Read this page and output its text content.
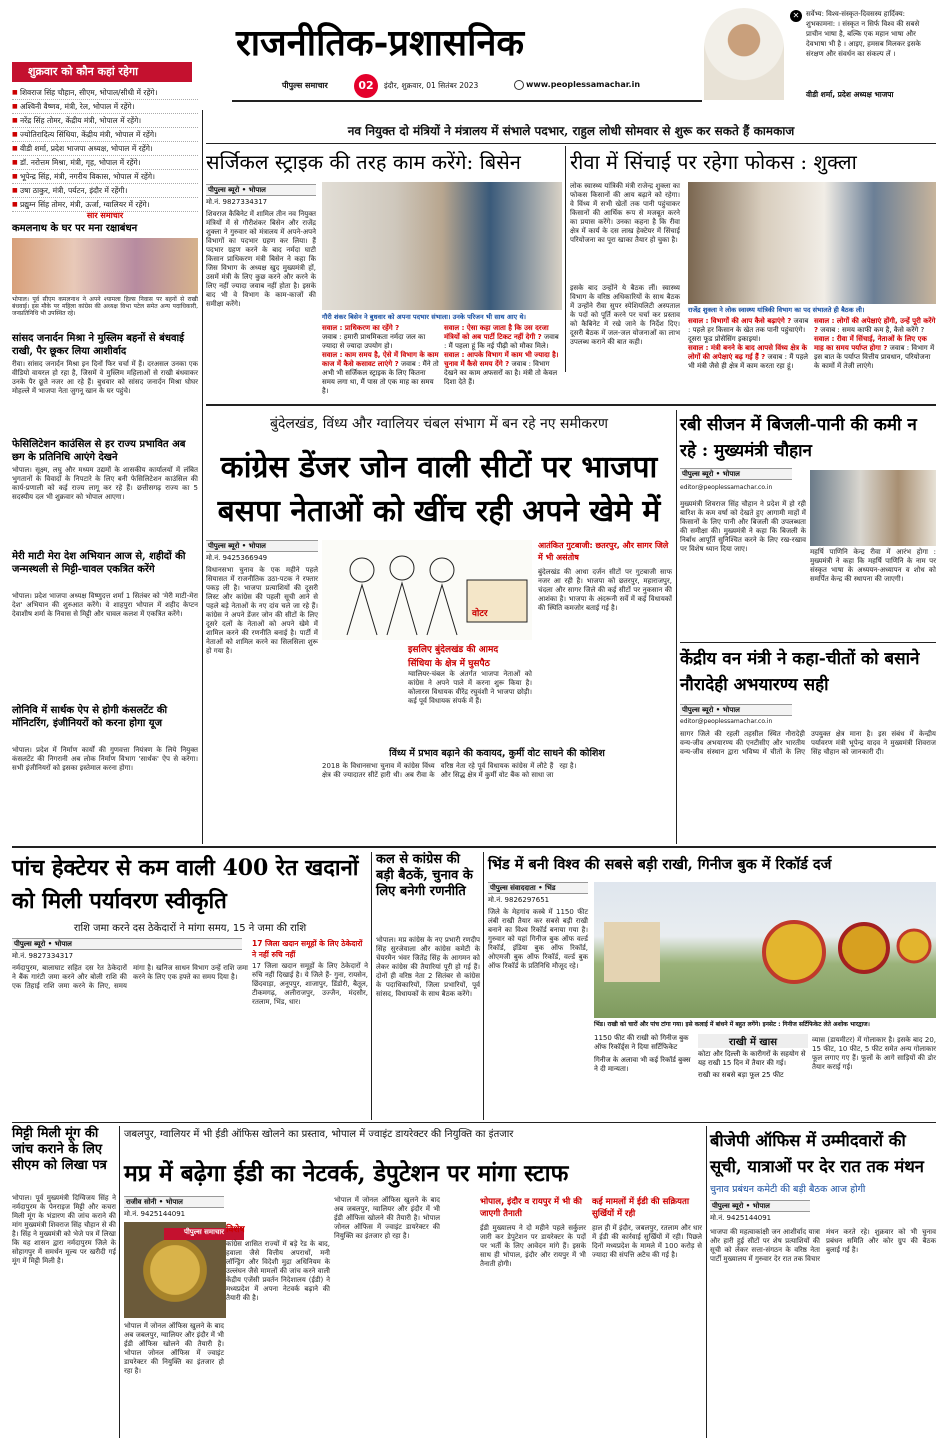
राजनीतिक-प्रशासनिक
पीपुल्स समाचार	02	इंदौर, शुक्रवार, 01 सितंबर 2023	www.peoplessamachar.in
✕ सर्वेभ्य: विश्व-संस्कृत-दिवसस्य हार्दिक्य: शुभकामना: । संस्कृत न सिर्फ विश्व की सबसे प्राचीन भाषा है, बल्कि एक महान भाषा और देवभाषा भी है । आइए, हमसब मिलकर इसके संरक्षण और संवर्धन का संकल्प लें ।
वीडी शर्मा, प्रदेश अध्यक्ष भाजपा
शुक्रवार को कौन कहां रहेगा
■ शिवराज सिंह चौहान, सीएम, भोपाल/सीधी में रहेंगे।
■ अश्विनी वैष्णव, मंत्री, रेल, भोपाल में रहेंगे।
■ नरेंद्र सिंह तोमर, केंद्रीय मंत्री, भोपाल में रहेंगे।
■ ज्योतिरादित्य सिंधिया, केंद्रीय मंत्री, भोपाल में रहेंगे।
■ वीडी शर्मा, प्रदेश भाजपा अध्यक्ष, भोपाल में रहेंगे।
■ डॉ. नरोत्तम मिश्रा, मंत्री, गृह, भोपाल में रहेंगे।
■ भूपेन्द्र सिंह, मंत्री, नगरीय विकास, भोपाल में रहेंगे।
■ उषा ठाकुर, मंत्री, पर्यटन, इंदौर में रहेंगी।
■ प्रद्युम्न सिंह तोमर, मंत्री, ऊर्जा, ग्वालियर में रहेंगे।
सार समाचार
कमलनाथ के घर पर मना रक्षाबंधन
भोपाल। पूर्व सीएम कमलनाथ ने अपने श्यामला हिल्स निवास पर बहनों से राखी बंधवाई। इस मौके पर महिला कांग्रेस की अध्यक्ष विभा पटेल समेत अन्य पदाधिकारी, जनप्रतिनिधि भी उपस्थित रहे।
सांसद जनार्दन मिश्रा ने मुस्लिम बहनों से बंधवाई राखी, पैर छूकर लिया आशीर्वाद
रीवा। सांसद जनार्दन मिश्रा इन दिनों फिर चर्चा में हैं। दरअसल उनका एक वीडियो वायरल हो रहा है, जिसमें वे मुस्लिम महिलाओं से राखी बंधवाकर उनके पैर छूते नजर आ रहे हैं। बुधवार को सांसद जनार्दन मिश्रा घोघर मोहल्ले में भाजपा नेता जुगनू खान के घर पहुंचे।
फेसिलिटेशन काउंसिल से हर राज्य प्रभावित अब छग के प्रतिनिधि आएंगे देखने
भोपाल। सूक्ष्म, लघु और मध्यम उद्यमों के शासकीय कार्यालयों में लंबित भुगतानों के विवादों के निपटारे के लिए बनी फेसिलिटेशन काउंसिल की कार्य-प्रणाली को कई राज्य लागू कर रहे हैं। छत्तीसगढ़ राज्य का 5 सदस्यीय दल भी शुक्रवार को भोपाल आएगा।
मेरी माटी मेरा देश अभियान आज से, शहीदों की जन्मस्थली से मिट्टी-चावल एकत्रित करेंगे
भोपाल। प्रदेश भाजपा अध्यक्ष विष्णुदत्त शर्मा 1 सितंबर को 'मेरी माटी-मेरा देश' अभियान की शुरुआत करेंगे। वे शाहपुरा भोपाल में शहीद केप्टन देवाशीष शर्मा के निवास से मिट्टी और चावल कलश में एकत्रित करेंगे।
लोनिवि में सार्थक ऐप से होगी कंसलटेंट की मॉनिटरिंग, इंजीनियरों को करना होगा यूज
भोपाल। प्रदेश में निर्माण कार्यों की गुणवत्ता नियंत्रण के लिये नियुक्त कंसलटेंट की निगरानी अब लोक निर्माण विभाग 'सार्थक' ऐप से करेगा। सभी इंजीनियरों को इसका इस्तेमाल करना होगा।
नव नियुक्त दो मंत्रियों ने मंत्रालय में संभाले पदभार, राहुल लोधी सोमवार से शुरू कर सकते हैं कामकाज
सर्जिकल स्ट्राइक की तरह काम करेंगे: बिसेन
पीपुल्स ब्यूरो • भोपाल
मो.नं. 9827334317
शिवराज कैबिनेट में शामिल तीन नव नियुक्त मंत्रियों में से गौरीशंकर बिसेन और राजेंद्र शुक्ला ने गुरुवार को मंत्रालय में अपने-अपने विभागों का पदभार ग्रहण कर लिया। हैं पदभार ग्रहण करने के बाद नर्मदा घाटी किसान प्राधिकरण मंत्री बिसेन ने कहा कि जिस विभाग के अध्यक्ष खुद मुख्यमंत्री हों, उसमें मंत्री के लिए कुछ करने और करने के लिए नहीं ज्यादा जवाब नहीं होता है। इसके बाद भी वे विभाग के काम-काजों की समीक्षा करेंगे।
गौरी शंकर बिसेन ने बुधवार को अपना पदभार संभाला। उनके परिजन भी साथ आए थे।
सवाल : प्राधिकरण का रहेंगे ?
जवाब : हमारी प्राथमिकता नर्मदा जल का ज्यादा से ज्यादा उपयोग हो।
सवाल : काम समय है, ऐसे में विभाग के काम काज में कैसे कसावट लाएंगे ? जवाब : मैंने तो अभी भी सर्जिकल स्ट्राइक के लिए कितना समय लगा था, मैं पास तो एक माह का समय है।
सवाल : ऐसा कहा जाता है कि उस दरजा मंत्रियों को अब पार्टी टिकट नहीं देगी ? जवाब : मैं पहला हूं कि नई पीढ़ी को मौका मिले।
सवाल : आपके विभाग में काम भी ज्यादा है। चुनाव में कैसे समय देंगे ? जवाब : विभाग देखने का काम अफसरों का है। मंत्री तो केवल दिशा देते हैं।
रीवा में सिंचाई पर रहेगा फोकस : शुक्ला
लोक स्वास्थ्य यांत्रिकी मंत्री राजेन्द्र शुक्ला का फोकस किसानों की आय बढ़ाने को रहेगा। वे विंध्य में सभी खेतों तक पानी पहुंचाकर किसानों की आर्थिक रूप से मजबूत करने का प्रयास करेंगे। उनका कहना है कि रीवा क्षेत्र में कार्य के दस लाख हेक्टेयर में सिंचाई परियोजना का पूरा खाका तैयार हो चुका है।
इसके बाद उन्होंने ये बैठक लीं। स्वास्थ्य विभाग के वरिष्ठ अधिकारियों के साथ बैठक में उन्होंने रीवा सुपर स्पेशियलिटी अस्पताल के पदों को पूर्ति करने पर चर्चा कर प्रस्ताव को कैबिनेट में रखे जाने के निर्देश दिए। दूसरी बैठक में जल-जल योजनाओं का लाभ उपलब्ध कराने की बात कही।
राजेंद्र शुक्ला ने लोक स्वास्थ्य यांत्रिकी विभाग का पद संभालते ही बैठक ली।
सवाल : विभागों की आप कैसे बढ़ाएंगे ? जवाब : पहले हर किसान के खेत तक पानी पहुंचाएंगे। दूसरा फूड प्रोसेसिंग इकाइयां।
सवाल : मंत्री बनने के बाद आपसे विंध्य क्षेत्र के लोगों की अपेक्षाएं बढ़ गई हैं ? जवाब : मैं पहले भी मंत्री जैसे ही क्षेत्र में काम करता रहा हूं।
सवाल : लोगों की अपेक्षाएं होंगी, उन्हें पूरी करेंगे ? जवाब : समय काफी कम है, कैसे करेंगे ?
सवाल : रीवा में सिंचाई, नेताओं के लिए एक माह का समय पर्याप्त होगा ? जवाब : विभाग में इस बात के पर्याप्त वित्तीय प्रावधान, परियोजना के कामों में तेजी लाएंगे।
बुंदेलखंड, विंध्य और ग्वालियर चंबल संभाग में बन रहे नए समीकरण
कांग्रेस डेंजर जोन वाली सीटों पर भाजपा बसपा नेताओं को खींच रही अपने खेमे में
पीपुल्स ब्यूरो • भोपाल
मो.नं. 9425366949
विधानसभा चुनाव के एक महीने पहले सियासत में राजनीतिक उठा-पटक ने रफ्तार पकड़ ली है। भाजपा प्रत्याशियों की दूसरी लिस्ट और कांग्रेस की पहली सूची आने से पहले बड़े नेताओं के नए दांव चले जा रहे हैं। कांग्रेस ने अपने डेंजर जोन की सीटों के लिए दूसरे दलों के नेताओं को अपने खेमे में शामिल करने की रणनीति बनाई है। पार्टी में नेताओं को शामिल करने का सिलसिला शुरू हो गया है।
वोटर
आतंकित गुटबाजी: छतरपुर, और सागर जिले में भी असंतोष
बुंदेलखंड की आधा दर्जन सीटों पर गुटबाजी साफ नजर आ रही है। भाजपा को छतरपुर, महाराजपुर, चंदला और सागर जिले की कई सीटों पर नुकसान की आशंका है। भाजपा के अंदरूनी सर्वे में कई विधायकों की स्थिति कमजोर बताई गई है।
इसलिए बुंदेलखंड की आमद
सिंधिया के क्षेत्र में घुसपैठ
ग्वालियर-चंबल के अंतर्गत भाजपा नेताओं को कांग्रेस ने अपने पाले में करना शुरू किया है। कोलारस विधायक वीरेंद्र रघुवंशी ने भाजपा छोड़ी। कई पूर्व विधायक संपर्क में हैं।
विंध्य में प्रभाव बढ़ाने की कवायद, कुर्मी वोट साधने की कोशिश
2018 के विधानसभा चुनाव में कांग्रेस विंध्य क्षेत्र की ज्यादातर सीटें हारी थी। अब रीवा के वरिष्ठ नेता रहे पूर्व विधायक कांग्रेस में लौटे हैं और सिद्ध क्षेत्र में कुर्मी वोट बैंक को साधा जा रहा है।
रबी सीजन में बिजली-पानी की कमी न रहे : मुख्यमंत्री चौहान
पीपुल्स ब्यूरो • भोपाल
editor@peoplessamachar.co.in
मुख्यमंत्री शिवराज सिंह चौहान ने प्रदेश में हो रही बारिश के कम वर्षा को देखते हुए आगामी माहों में किसानों के लिए पानी और बिजली की उपलब्धता की समीक्षा की। मुख्यमंत्री ने कहा कि बिजली के निर्बाध आपूर्ति सुनिश्चित करने के लिए रख-रखाव पर विशेष ध्यान दिया जाए।	महर्षि पाणिनि केन्द्र रीवा में आरंभ होगा : मुख्यमंत्री ने कहा कि महर्षि पाणिनि के नाम पर संस्कृत भाषा के अध्ययन-अध्यापन व शोध को समर्पित केन्द्र की स्थापना की जाएगी।
केंद्रीय वन मंत्री ने कहा-चीतों को बसाने नौरादेही अभयारण्य सही
पीपुल्स ब्यूरो • भोपाल
editor@peoplessamachar.co.in
सागर जिले की रहली तहसील स्थित नौरादेही वन्य-जीव अभयारण्य की एनटीसीए और भारतीय वन्य-जीव संस्थान द्वारा भविष्य में चीतों के लिए उपयुक्त क्षेत्र माना है। इस संबंध में केन्द्रीय पर्यावरण मंत्री भूपेन्द्र यादव ने मुख्यमंत्री शिवराज सिंह चौहान को जानकारी दी।
पांच हेक्टेयर से कम वाली 400 रेत खदानों को मिली पर्यावरण स्वीकृति
राशि जमा करने दस ठेकेदारों ने मांगा समय, 15 ने जमा की राशि
पीपुल्स ब्यूरो • भोपाल
मो.नं. 9827334317
नर्मदापुरम, बालाघाट सहित दस रेत ठेकेदारों ने बैंक गारंटी जमा करने और बोली राशि की एक तिहाई राशि जमा करने के लिए, समय मांगा है। खनिज साधन विभाग उन्हें राशि जमा करने के लिए एक हफ्ते का समय दिया है।
17 जिला खदान समूहों के लिए ठेकेदारों ने नहीं रुचि नहीं
17 जिला खदान समूहों के लिए ठेकेदारों ने रुचि नहीं दिखाई है। ये जिले हैं- गुना, रायसेन, छिंदवाड़ा, अनूपपुर, शाजापुर, डिंडोरी, बैतूल, टीकमगढ़, अलीराजपुर, उज्जैन, मंदसौर, रतलाम, भिंड, धार।
कल से कांग्रेस की बड़ी बैठकें, चुनाव के लिए बनेगी रणनीति
भोपाल। मप्र कांग्रेस के नए प्रभारी रणदीप सिंह सुरजेवाला और कांग्रेस कमेटी के चेयरमैन भंवर जितेंद्र सिंह के आगमन को लेकर कांग्रेस की तैयारियां पूरी हो गई हैं। दोनों ही वरिष्ठ नेता 2 सितंबर से कांग्रेस के पदाधिकारियों, जिला प्रभारियों, पूर्व सांसद, विधायकों के साथ बैठक करेंगे।
भिंड में बनी विश्व की सबसे बड़ी राखी, गिनीज बुक में रिकॉर्ड दर्ज
पीपुल्स संवाददाता • भिंड
मो.नं. 9826297651
जिले के मेहगांव कस्बे में 1150 फीट लंबी राखी तैयार कर सबसे बड़ी राखी बनाने का विश्व रिकॉर्ड बनाया गया है। गुरुवार को यहां गिनीज बुक ऑफ वर्ल्ड रिकॉर्ड, इंडिया बुक ऑफ रिकॉर्ड, ओएमजी बुक ऑफ रिकॉर्ड, वर्ल्ड बुक ऑफ रिकॉर्ड के प्रतिनिधि मौजूद रहे।
भिंड। राखी को चारों और पांच टांगा गया। इसे कलाई में बांधने में बहुत लगेंगे। इनसेट : गिनीज सर्टिफिकेट लेते अशोक भारद्वाज।
1150 फीट की राखी को गिनीज बुक ऑफ रिकॉर्ड्स ने दिया सर्टिफिकेट
गिनीज के अलावा भी कई रिकॉर्ड बुक्स ने दी मान्यता।
राखी में खास
कोटा और दिल्ली के कारीगरों के सहयोग से यह राखी 15 दिन में तैयार की गई।
राखी का सबसे बड़ा फूल 25 फीट
व्यास (डायमीटर) में गोलाकार है। इसके बाद 20, 15 फीट, 10 फीट, 5 फीट समेत अन्य गोलाकार फूल लगाए गए हैं। फूलों के आगे साड़ियों की डोर तैयार कराई गई।
मिट्टी मिली मूंग की जांच कराने के लिए सीएम को लिखा पत्र
भोपाल। पूर्व मुख्यमंत्री दिग्विजय सिंह ने नर्मदापुरम के पेनराइज मिट्टी और कचरा मिली मूंग के भंडारण की जांच कराने की मांग मुख्यमंत्री शिवराज सिंह चौहान से की है। सिंह ने मुख्यमंत्री को भेजे पत्र में लिखा कि यह शासन द्वारा नर्मदापुरम जिले के सोहागपुर में समर्थन मूल्य पर खरीदी गई मूंग में मिट्टी मिली है।
जबलपुर, ग्वालियर में भी ईडी ऑफिस खोलने का प्रस्ताव, भोपाल में ज्वाइंट डायरेक्टर की नियुक्ति का इंतजार
मप्र में बढ़ेगा ईडी का नेटवर्क, डेपुटेशन पर मांगा स्टाफ
राजीव सोनी • भोपाल
मो.नं. 9425144091
पीपुल्स समाचार विशेष
कांग्रेस शासित राज्यों में बड़े रेड के बाद, हवाला जैसे वित्तीय अपराधों, मनी लॉन्ड्रिंग और विदेशी मुद्रा अधिनियम के उल्लंघन जैसे मामलों की जांच करने वाली केंद्रीय एजेंसी प्रवर्तन निदेशालय (ईडी) ने मध्यप्रदेश में अपना नेटवर्क बढ़ाने की तैयारी की है।
भोपाल में जोनल ऑफिस खुलने के बाद अब जबलपुर, ग्वालियर और इंदौर में भी ईडी ऑफिस खोलने की तैयारी है। भोपाल जोनल ऑफिस में ज्वाइंट डायरेक्टर की नियुक्ति का इंतजार हो रहा है।
भोपाल में जोनल ऑफिस खुलने के बाद अब जबलपुर, ग्वालियर और इंदौर में भी ईडी ऑफिस खोलने की तैयारी है। भोपाल जोनल ऑफिस में ज्वाइंट डायरेक्टर की नियुक्ति का इंतजार हो रहा है।
भोपाल, इंदौर व रायपुर में भी की जाएगी तैनाती
ईडी मुख्यालय ने दो महीने पहले सर्कुलर जारी कर डेपुटेशन पर डायरेक्टर के पदों पर भर्ती के लिए आवेदन मांगे हैं। इसके साथ ही भोपाल, इंदौर और रायपुर में भी तैनाती होगी।
कई मामलों में ईडी की सक्रियता सुर्खियों में रही
हाल ही में इंदौर, जबलपुर, रतलाम और धार में ईडी की कार्रवाई सुर्खियों में रही। पिछले दिनों मध्यप्रदेश के मामले में 100 करोड़ से ज्यादा की संपत्ति अटैच की गई है।
बीजेपी ऑफिस में उम्मीदवारों की सूची, यात्राओं पर देर रात तक मंथन
चुनाव प्रबंधन कमेटी की बड़ी बैठक आज होगी
पीपुल्स ब्यूरो • भोपाल
मो.नं. 9425144091
भाजपा की महत्वाकांक्षी जन आशीर्वाद यात्रा और हारी हुई सीटों पर शेष प्रत्याशियों की सूची को लेकर सत्ता-संगठन के वरिष्ठ नेता पार्टी मुख्यालय में गुरुवार देर रात तक विचार मंथन करते रहे। शुक्रवार को भी चुनाव प्रबंधन समिति और कोर ग्रुप की बैठक बुलाई गई है।
